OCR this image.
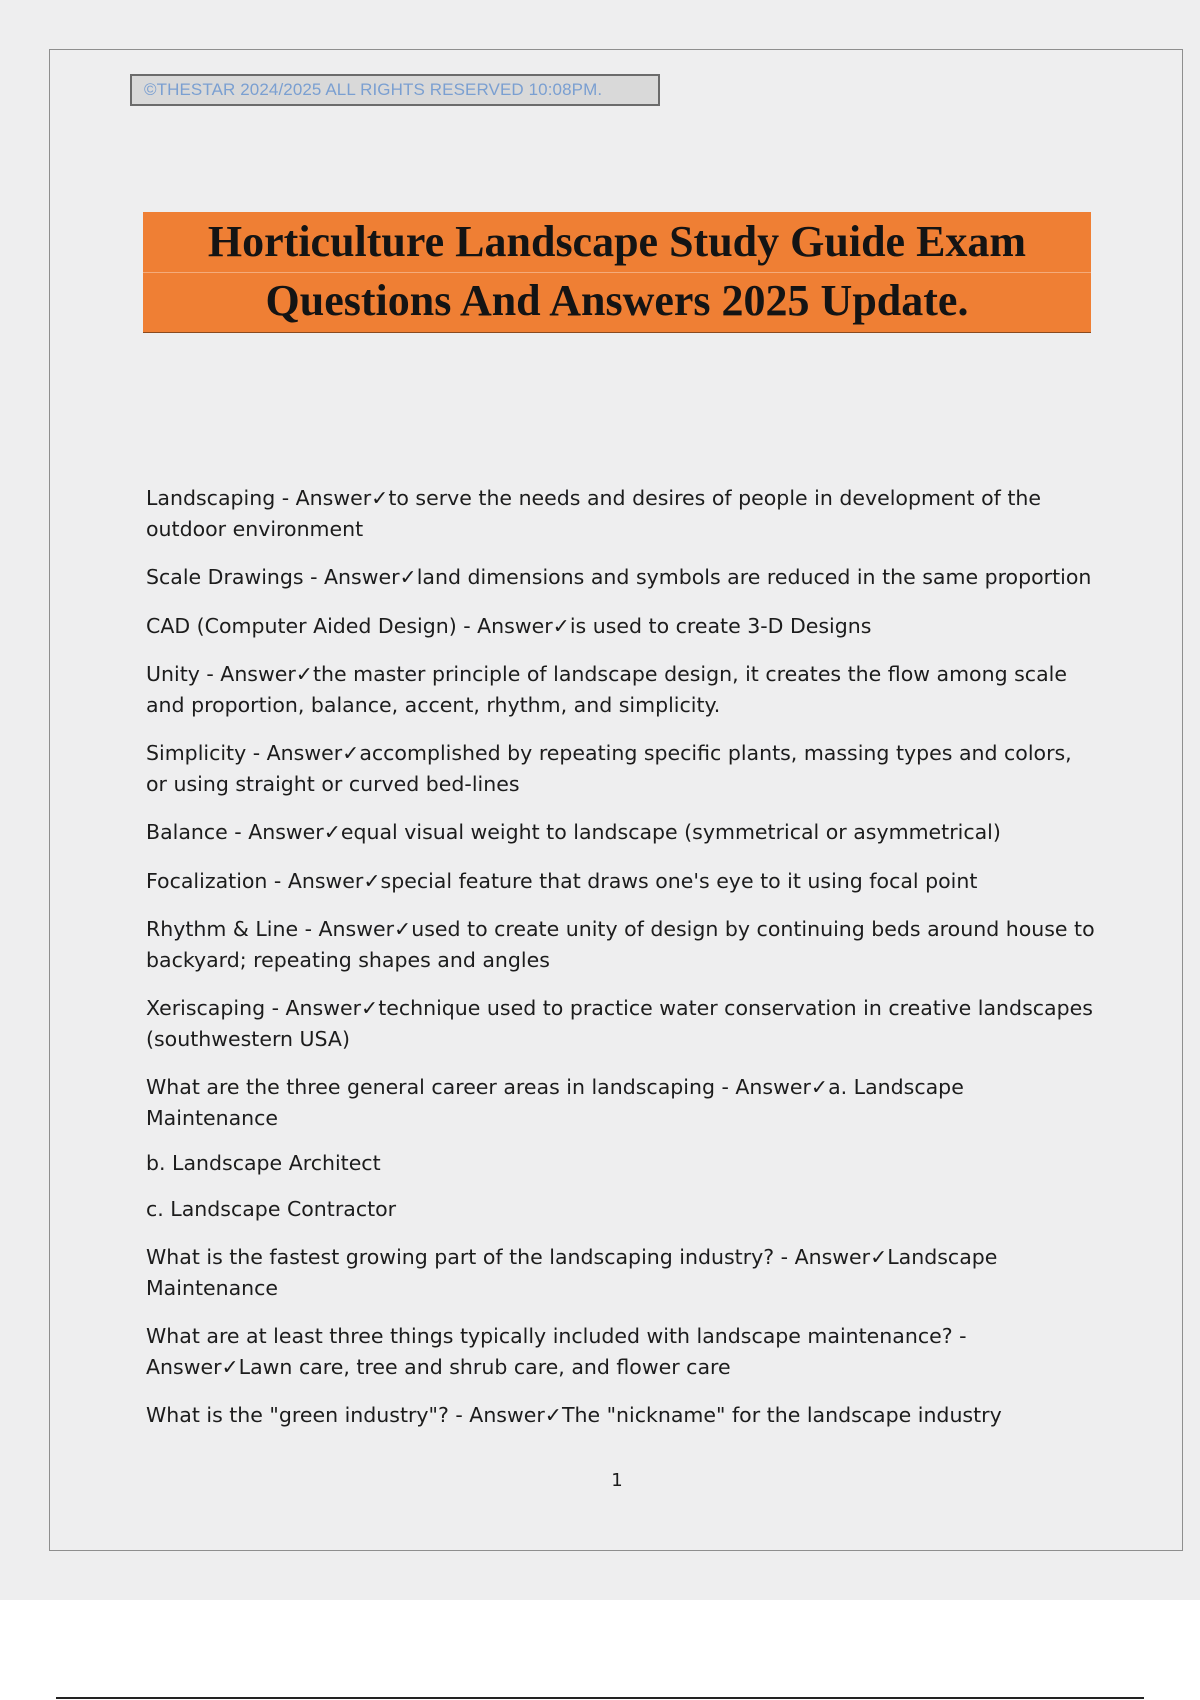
©THESTAR 2024/2025 ALL RIGHTS RESERVED 10:08PM.
Horticulture Landscape Study Guide Exam
Questions And Answers 2025 Update.

Landscaping - Answer✓to serve the needs and desires of people in development of the outdoor environment

Scale Drawings - Answer✓land dimensions and symbols are reduced in the same proportion

CAD (Computer Aided Design) - Answer✓is used to create 3-D Designs

Unity - Answer✓the master principle of landscape design, it creates the flow among scale and proportion, balance, accent, rhythm, and simplicity.

Simplicity - Answer✓accomplished by repeating specific plants, massing types and colors, or using straight or curved bed-lines

Balance - Answer✓equal visual weight to landscape (symmetrical or asymmetrical)

Focalization - Answer✓special feature that draws one's eye to it using focal point

Rhythm & Line - Answer✓used to create unity of design by continuing beds around house to backyard; repeating shapes and angles

Xeriscaping - Answer✓technique used to practice water conservation in creative landscapes (southwestern USA)

What are the three general career areas in landscaping - Answer✓a. Landscape Maintenance

b. Landscape Architect

c. Landscape Contractor

What is the fastest growing part of the landscaping industry? - Answer✓Landscape Maintenance

What are at least three things typically included with landscape maintenance? - Answer✓Lawn care, tree and shrub care, and flower care

What is the "green industry"? - Answer✓The "nickname" for the landscape industry

1
